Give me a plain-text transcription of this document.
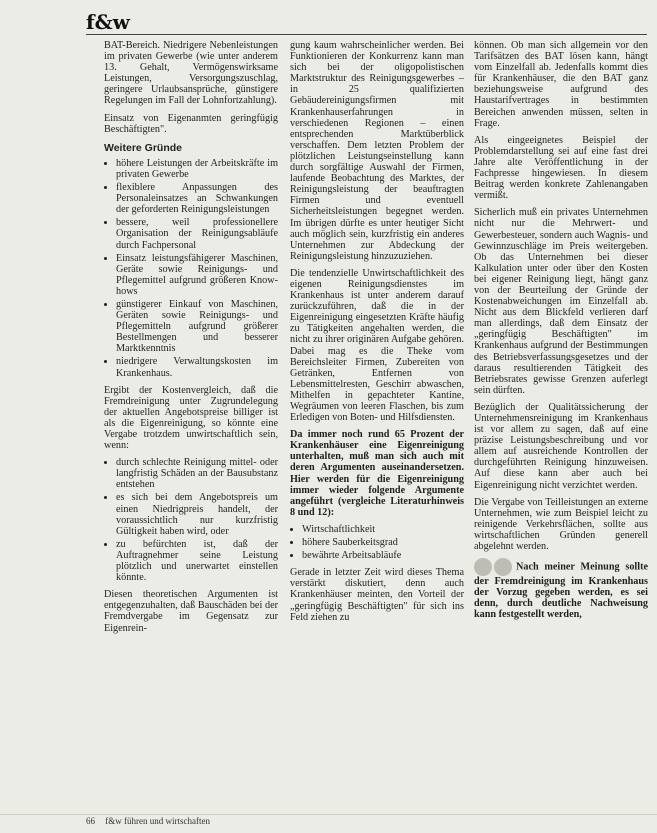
f&w

BAT-Bereich. Niedrigere Nebenleistungen im privaten Gewerbe (wie unter anderem 13. Gehalt, Vermögenswirksame Leistungen, Versorgungszuschlag, geringere Urlaubsansprüche, günstigere Regelungen im Fall der Lohnfortzahlung).

Einsatz von Eigenanmten geringfügig Beschäftigten".

Weitere Gründe
• höhere Leistungen der Arbeitskräfte im privaten Gewerbe
• flexiblere Anpassungen des Personaleinsatzes an Schwankungen der geforderten Reinigungsleistungen
• bessere, weil professionellere Organisation der Reinigungsabläufe durch Fachpersonal
• Einsatz leistungsfähigerer Maschinen, Geräte sowie Reinigungs- und Pflegemittel aufgrund größeren Know-hows
• günstigerer Einkauf von Maschinen, Geräten sowie Reinigungs- und Pflegemitteln aufgrund größerer Bestellmengen und besserer Marktkenntnis
• niedrigere Verwaltungskosten im Krankenhaus.

Ergibt der Kostenvergleich, daß die Fremdreinigung unter Zugrundelegung der aktuellen Angebotspreise billiger ist als die Eigenreinigung, so könnte eine Vergabe trotzdem unwirtschaftlich sein, wenn:

• durch schlechte Reinigung mittel- oder langfristig Schäden an der Bausubstanz entstehen
• es sich bei dem Angebotspreis um einen Niedrigpreis handelt, der voraussichtlich nur kurzfristig Gültigkeit haben wird, oder
• zu befürchten ist, daß der Auftragnehmer seine Leistung plötzlich und unerwartet einstellen könnte.

Diesen theoretischen Argumenten ist entgegenzuhalten, daß Bauschäden bei der Fremdvergabe im Gegensatz zur Eigenrein-

gung kaum wahrscheinlicher werden. Bei Funktionieren der Konkurrenz kann man sich bei der oligopolistischen Marktstruktur des Reinigungsgewerbes – in 25 qualifizierten Gebäudereinigungsfirmen mit Krankenhauserfahrungen in verschiedenen Regionen – einen entsprechenden Marktüberblick verschaffen. Dem letzten Problem der plötzlichen Leistungseinstellung kann durch sorgfältige Auswahl der Firmen, laufende Beobachtung des Marktes, der Reinigungsleistung der beauftragten Firmen und eventuell Sicherheitsleistungen begegnet werden. Im übrigen dürfte es unter heutiger Sicht auch möglich sein, kurzfristig ein anderes Unternehmen zur Abdeckung der Reinigungsleistung hinzuzuziehen.

Die tendenzielle Unwirtschaftlichkeit des eigenen Reinigungsdienstes im Krankenhaus ist unter anderem darauf zurückzuführen, daß die in der Eigenreinigung eingesetzten Kräfte häufig zu Tätigkeiten angehalten werden, die nicht zu ihrer originären Aufgabe gehören. Dabei mag es die Theke vom Bereichsleiter Firmen, Zubereiten von Getränken, Entfernen von Lebensmittelresten, Geschirr abwaschen, Mithelfen in gepachteter Kantine, Wegräumen von leeren Flaschen, bis zum Erledigen von Boten- und Hilfsdiensten.

Da immer noch rund 65 Prozent der Krankenhäuser eine Eigenreinigung unterhalten, muß man sich auch mit deren Argumenten auseinandersetzen. Hier werden für die Eigenreinigung immer wieder folgende Argumente angeführt (vergleiche Literaturhinweis 8 und 12):

• Wirtschaftlichkeit
• höhere Sauberkeitsgrad
• bewährte Arbeitsabläufe

Gerade in letzter Zeit wird dieses Thema verstärkt diskutiert, denn auch Krankenhäuser meinten, den Vorteil der „geringfügig Beschäftigten" für sich ins Feld ziehen zu

können. Ob man sich allgemein vor den Tarifsätzen des BAT lösen kann, hängt vom Einzelfall ab. Jedenfalls kommt dies für Krankenhäuser, die den BAT ganz beziehungsweise aufgrund des Haustarifvertrages in bestimmten Bereichen anwenden müssen, selten in Frage.

Als eingeeignetes Beispiel der Problemdarstellung sei auf eine fast drei Jahre alte Veröffentlichung in der Fachpresse hingewiesen. In diesem Beitrag werden konkrete Zahlenangaben vermißt.

Sicherlich muß ein privates Unternehmen nicht nur die Mehrwert- und Gewerbesteuer, sondern auch Wagnis- und Gewinnzuschläge im Preis weitergeben. Ob das Unternehmen bei dieser Kalkulation unter oder über den Kosten bei eigener Reinigung liegt, hängt ganz von der Beurteilung der Gründe der Kostenabweichungen im Einzelfall ab. Nicht aus dem Blickfeld verlieren darf man allerdings, daß dem Einsatz der „geringfügig Beschäftigten" im Krankenhaus aufgrund der Bestimmungen des Betriebsverfassungsgesetzes und der daraus resultierenden Tätigkeit des Betriebsrates gewisse Grenzen auferlegt sein dürften.

Bezüglich der Qualitätssicherung der Unternehmensreinigung im Krankenhaus ist vor allem zu sagen, daß auf eine präzise Leistungsbeschreibung und vor allem auf ausreichende Kontrollen der durchgeführten Reinigung hinzuweisen. Auf diese kann aber auch bei Eigenreinigung nicht verzichtet werden.

Die Vergabe von Teilleistungen an externe Unternehmen, wie zum Beispiel leicht zu reinigende Verkehrsflächen, sollte aus wirtschaftlichen Gründen generell abgelehnt werden.

Nach meiner Meinung sollte der Fremdreinigung im Krankenhaus der Vorzug gegeben werden, es sei denn, durch deutliche Nachweisung kann festgestellt werden,

66 f&w führen und wirtschaften
